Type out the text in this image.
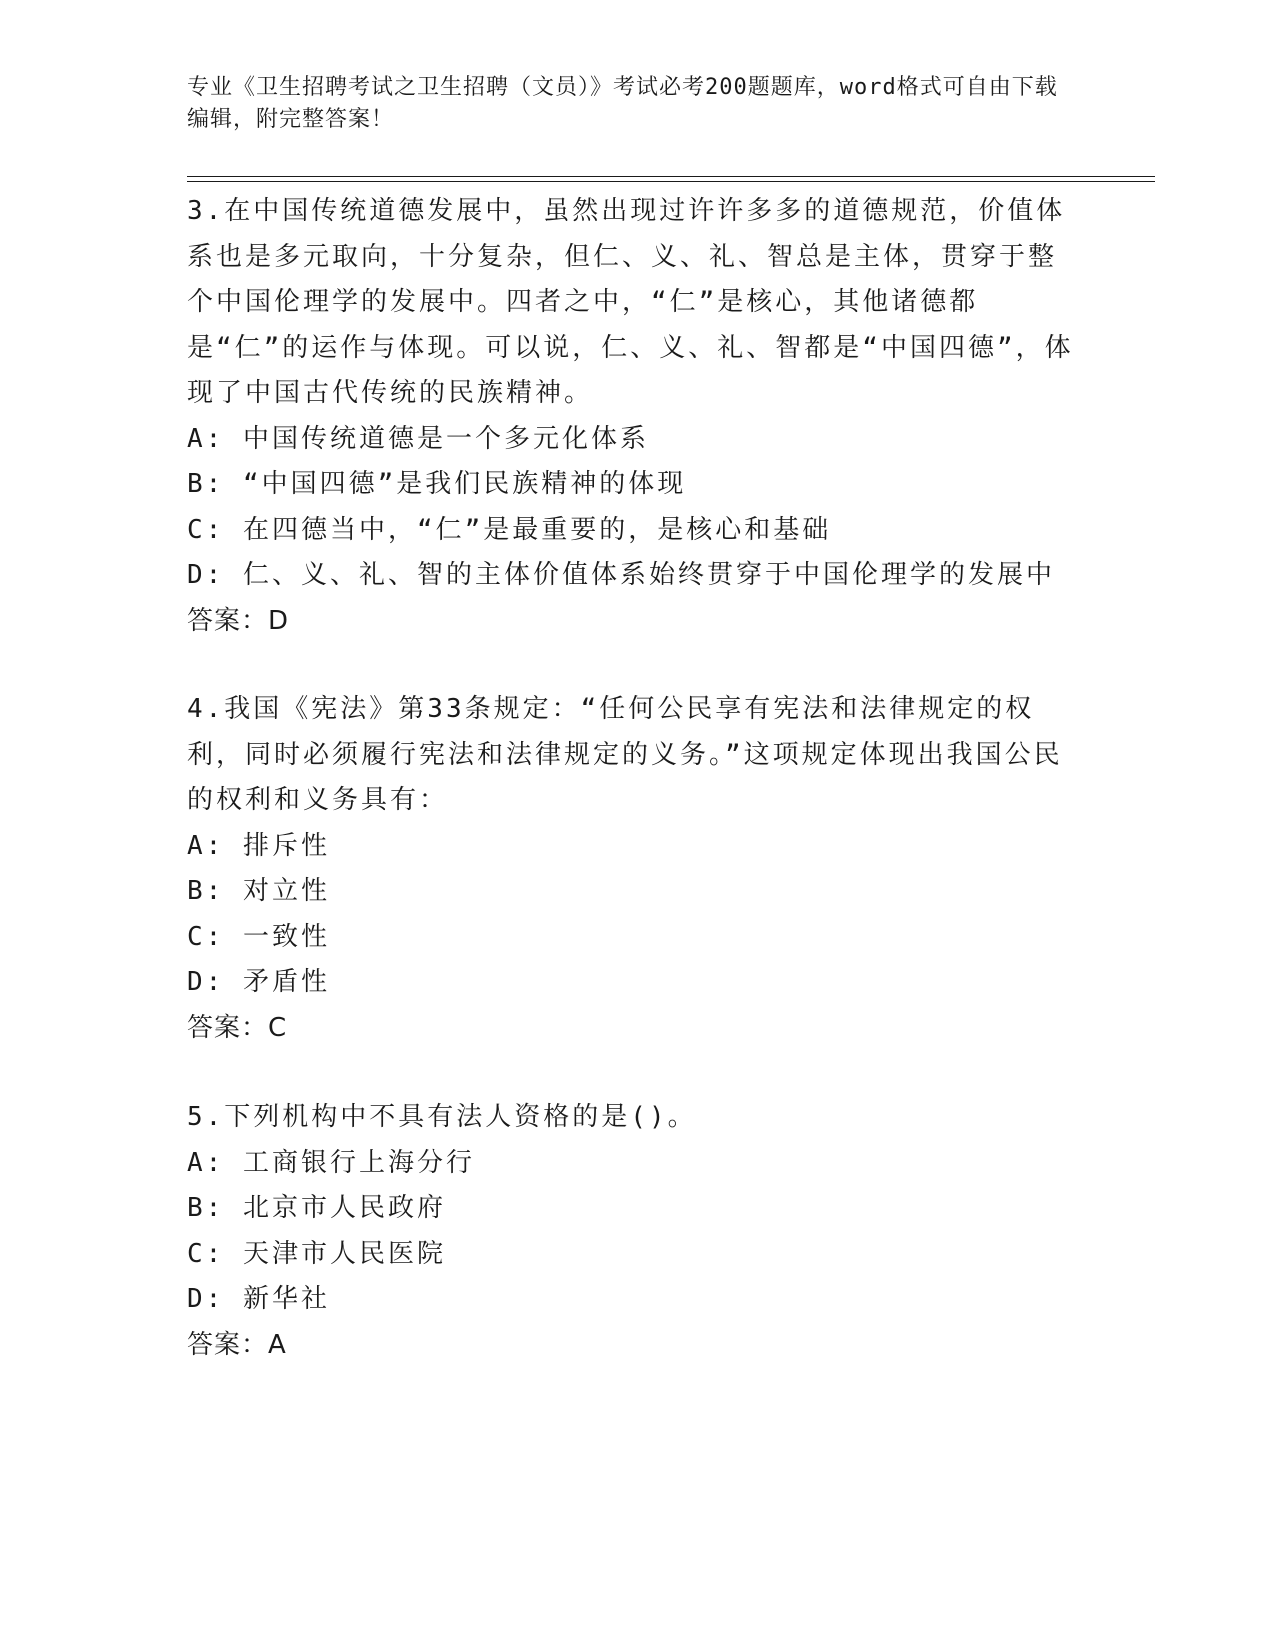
专业《卫生招聘考试之卫生招聘（文员）》考试必考200题题库，word格式可自由下载编辑，附完整答案！

3.在中国传统道德发展中，虽然出现过许许多多的道德规范，价值体系也是多元取向，十分复杂，但仁、义、礼、智总是主体，贯穿于整个中国伦理学的发展中。四者之中，“仁”是核心，其他诸德都是“仁”的运作与体现。可以说，仁、义、礼、智都是“中国四德”，体现了中国古代传统的民族精神。

A: 中国传统道德是一个多元化体系

B: “中国四德”是我们民族精神的体现

C: 在四德当中，“仁”是最重要的，是核心和基础

D: 仁、义、礼、智的主体价值体系始终贯穿于中国伦理学的发展中

答案：D

4.我国《宪法》第33条规定：“任何公民享有宪法和法律规定的权利，同时必须履行宪法和法律规定的义务。”这项规定体现出我国公民的权利和义务具有：

A: 排斥性

B: 对立性

C: 一致性

D: 矛盾性

答案：C

5.下列机构中不具有法人资格的是()。

A: 工商银行上海分行

B: 北京市人民政府

C: 天津市人民医院

D: 新华社

答案：A
